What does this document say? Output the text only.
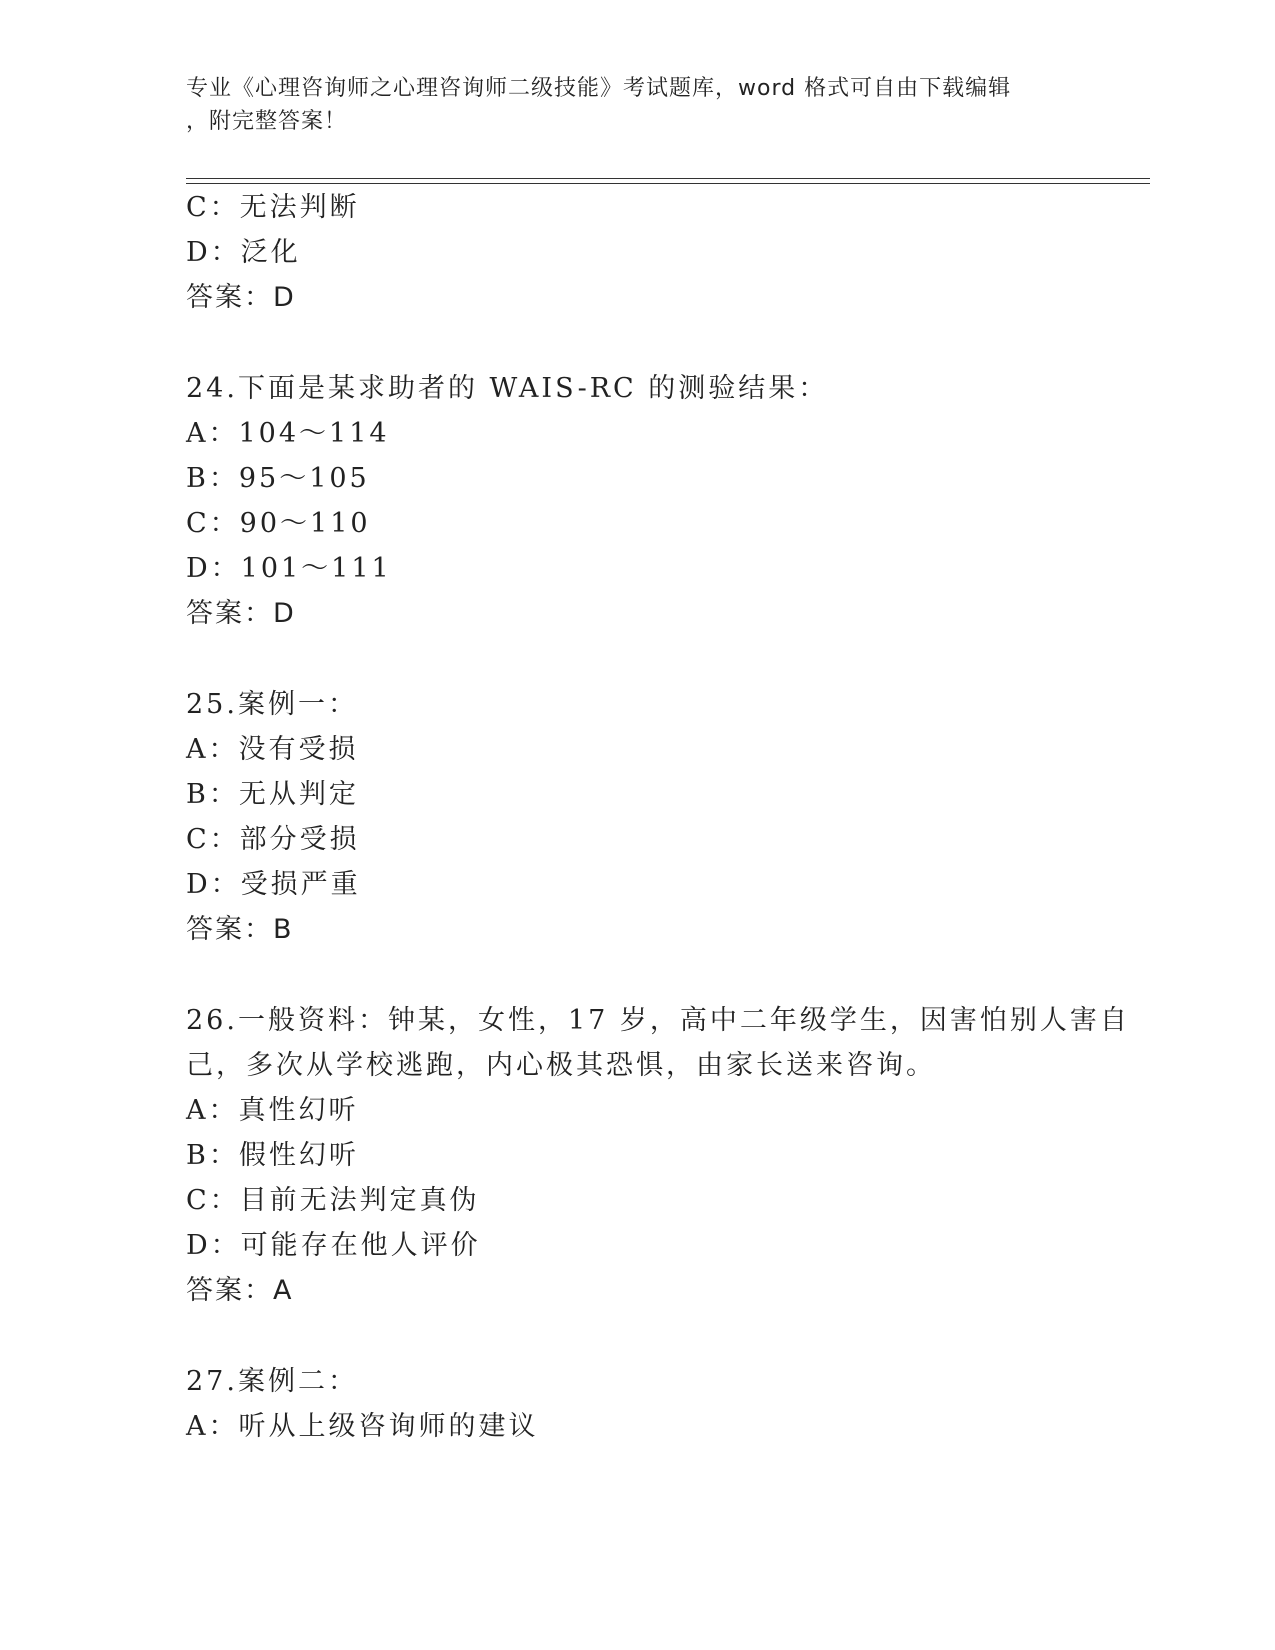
专业《心理咨询师之心理咨询师二级技能》考试题库，word 格式可自由下载编辑
，附完整答案！
C：无法判断
D：泛化
答案：D
24.下面是某求助者的 WAIS-RC 的测验结果：
A：104～114
B：95～105
C：90～110
D：101～111
答案：D
25.案例一：
A：没有受损
B：无从判定
C：部分受损
D：受损严重
答案：B
26.一般资料：钟某，女性，17 岁，高中二年级学生，因害怕别人害自
己，多次从学校逃跑，内心极其恐惧，由家长送来咨询。
A：真性幻听
B：假性幻听
C：目前无法判定真伪
D：可能存在他人评价
答案：A
27.案例二：
A：听从上级咨询师的建议
